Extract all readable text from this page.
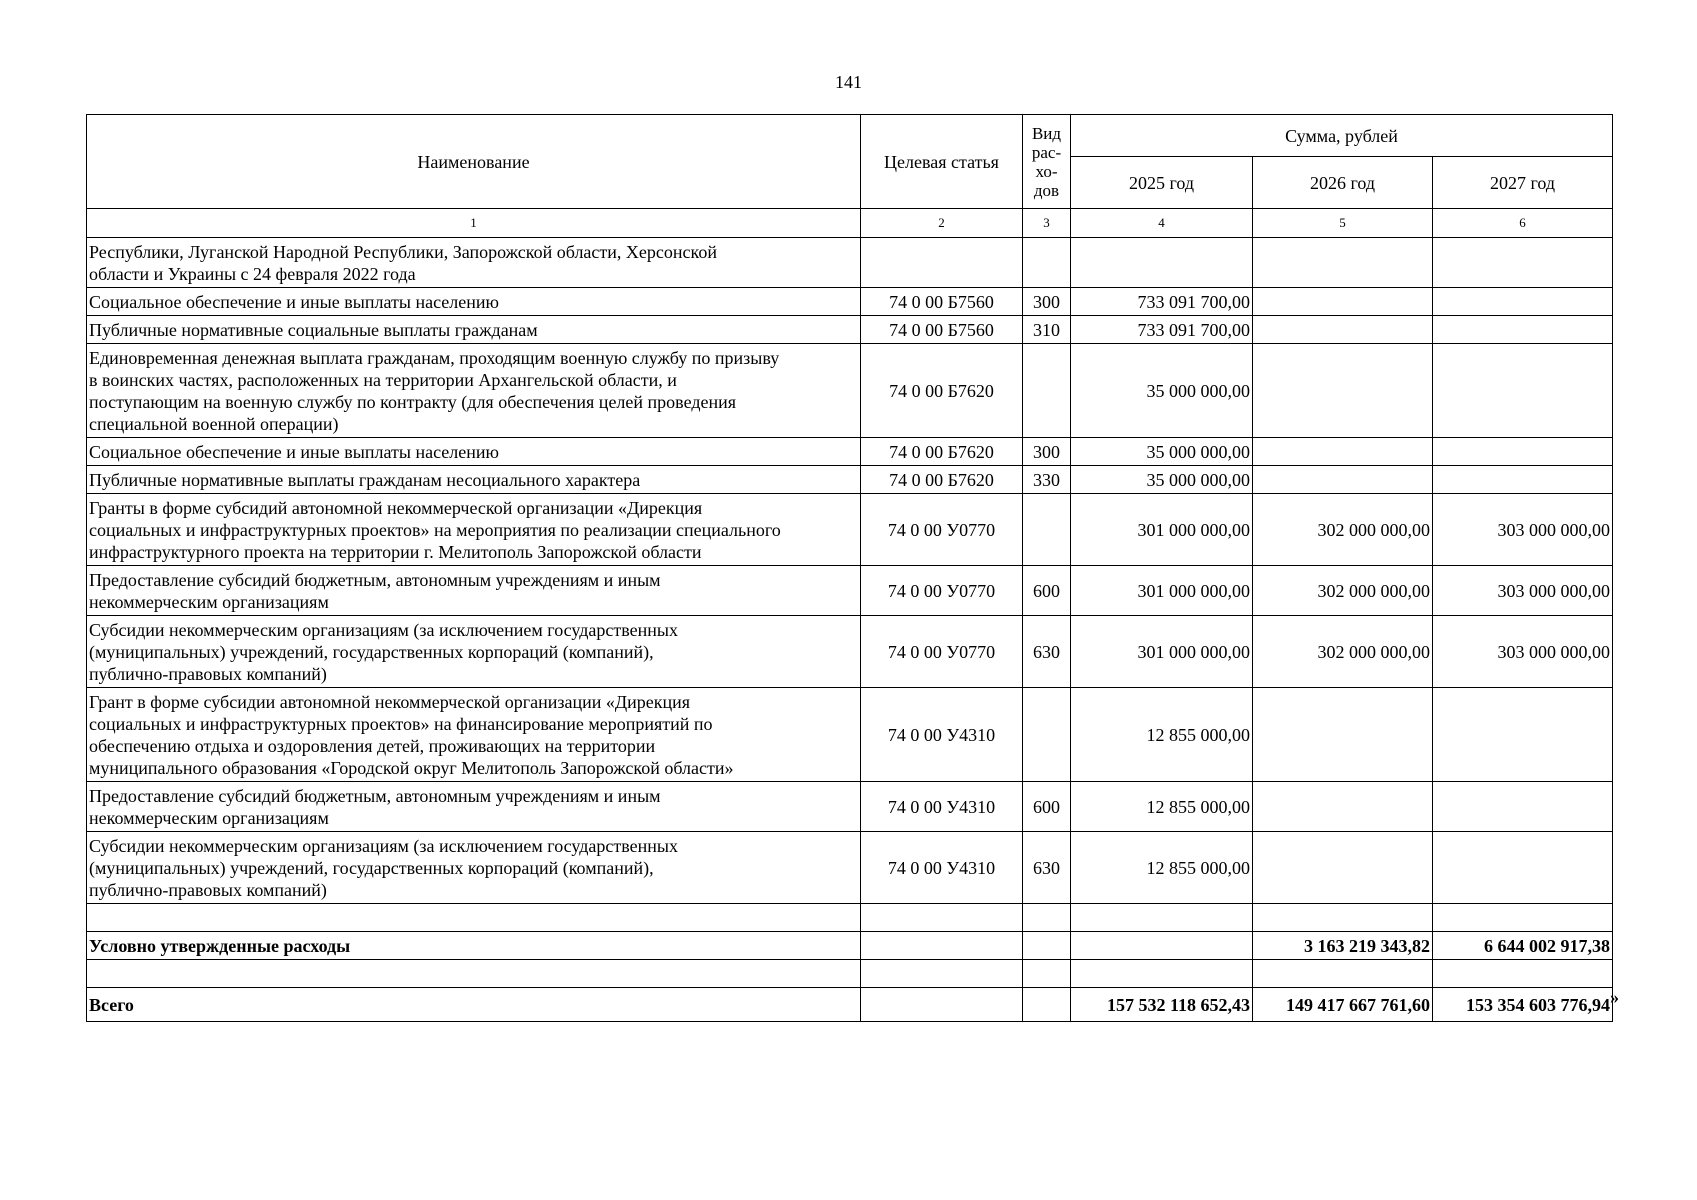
141
Наименование	Целевая статья	Вид
рас-
хо-
дов	Сумма, рублей		
			2025 год	2026 год	2027 год
1	2	3	4	5	6

Республики, Луганской Народной Республики, Запорожской области, Херсонской
области и Украины с 24 февраля 2022 года					

Социальное обеспечение и иные выплаты населению	74 0 00 Б7560	300	733 091 700,00		

Публичные нормативные социальные выплаты гражданам	74 0 00 Б7560	310	733 091 700,00		

Единовременная денежная выплата гражданам, проходящим военную службу по призыву
в воинских частях, расположенных на территории Архангельской области, и
поступающим на военную службу по контракту (для обеспечения целей проведения
специальной военной операции)	74 0 00 Б7620		35 000 000,00		

Социальное обеспечение и иные выплаты населению	74 0 00 Б7620	300	35 000 000,00		

Публичные нормативные выплаты гражданам несоциального характера	74 0 00 Б7620	330	35 000 000,00		

Гранты в форме субсидий автономной некоммерческой организации «Дирекция
социальных и инфраструктурных проектов» на мероприятия по реализации специального
инфраструктурного проекта на территории г. Мелитополь Запорожской области	74 0 00 У0770		301 000 000,00	302 000 000,00	303 000 000,00

Предоставление субсидий бюджетным, автономным учреждениям и иным
некоммерческим организациям	74 0 00 У0770	600	301 000 000,00	302 000 000,00	303 000 000,00

Субсидии некоммерческим организациям (за исключением государственных
(муниципальных) учреждений, государственных корпораций (компаний),
публично-правовых компаний)	74 0 00 У0770	630	301 000 000,00	302 000 000,00	303 000 000,00

Грант в форме субсидии автономной некоммерческой организации «Дирекция
социальных и инфраструктурных проектов» на финансирование мероприятий по
обеспечению отдыха и оздоровления детей, проживающих на территории
муниципального образования «Городской округ Мелитополь Запорожской области»	74 0 00 У4310		12 855 000,00		

Предоставление субсидий бюджетным, автономным учреждениям и иным
некоммерческим организациям	74 0 00 У4310	600	12 855 000,00		

Субсидии некоммерческим организациям (за исключением государственных
(муниципальных) учреждений, государственных корпораций (компаний),
публично-правовых компаний)	74 0 00 У4310	630	12 855 000,00		

Условно утвержденные расходы				3 163 219 343,82	6 644 002 917,38

Всего			157 532 118 652,43	149 417 667 761,60	153 354 603 776,94 »
